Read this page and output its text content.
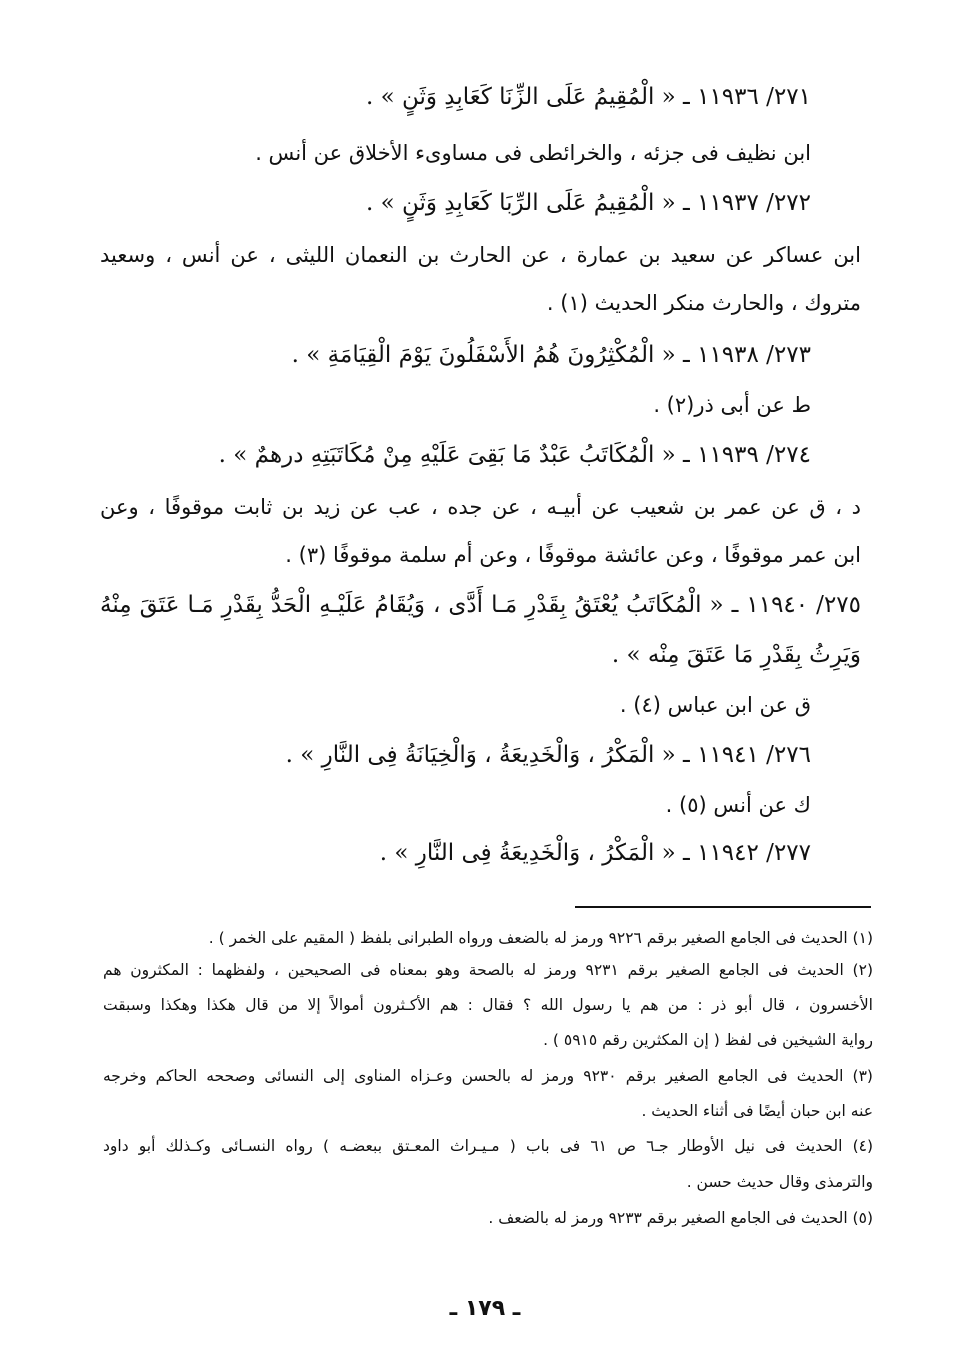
٢٧١/ ١١٩٣٦ ـ « الْمُقِيمُ عَلَى الزِّنَا كَعَابِدِ وَثَنٍ » .
ابن نظيف فى جزئه ، والخرائطى فى مساوىء الأخلاق عن أنس .
٢٧٢/ ١١٩٣٧ ـ « الْمُقِيمُ عَلَى الرِّبَا كَعَابِدِ وَثَنٍ » .
ابن عساكر عن سعيد بن عمارة ، عن الحارث بن النعمان الليثى ، عن أنس ، وسعيد
متروك ، والحارث منكر الحديث (١) .
٢٧٣/ ١١٩٣٨ ـ « الْمُكْثِرُونَ هُمُ الأَسْفَلُونَ يَوْمَ الْقِيَامَةِ » .
ط عن أبى ذر(٢) .
٢٧٤/ ١١٩٣٩ ـ « الْمُكَاتَبُ عَبْدٌ مَا بَقِىَ عَلَيْهِ مِنْ مُكَاتَبَتِهِ درهمٌ » .
د ، ق عن عمر بن شعيب عن أبيـه ، عن جده ، عب عن زيد بن ثابت موقوفًا ، وعن
ابن عمر موقوفًا ، وعن عائشة موقوفًا ، وعن أم سلمة موقوفًا (٣) .
٢٧٥/ ١١٩٤٠ ـ « الْمُكَاتَبُ يُعْتَقُ بِقَدْرِ مَـا أَدَّى ، وَيُقَامُ عَلَيْـهِ الْحَدُّ بِقَدْرِ مَـا عَتَقَ مِنْهُ
وَيَرِثُ بِقَدْرِ مَا عَتَقَ مِنْه » .
ق عن ابن عباس (٤) .
٢٧٦/ ١١٩٤١ ـ « الْمَكْرُ ، وَالْخَدِيعَةُ ، وَالْخِيَانَةُ فِى النَّارِ » .
ك عن أنس (٥) .
٢٧٧/ ١١٩٤٢ ـ « الْمَكْرُ ، وَالْخَدِيعَةُ فِى النَّارِ » .
(١) الحديث فى الجامع الصغير برقم ٩٢٢٦ ورمز له بالضعف ورواه الطبرانى بلفظ ( المقيم على الخمر ) .
(٢) الحديث فى الجامع الصغير برقم ٩٢٣١ ورمز له بالصحة وهو بمعناه فى الصحيحين ، ولفظهما : المكثرون هم
الأخسرون ، قال أبو ذر : من هم يا رسول الله ؟ فقال : هم الأكـثرون أموالاً إلا من قال هكذا وهكذا وسبقت
رواية الشيخين فى لفظ ( إن المكثرين رقم ٥٩١٥ ) .
(٣) الحديث فى الجامع الصغير برقم ٩٢٣٠ ورمز له بالحسن وعـزاه المناوى إلى النسائى وصححه الحاكم وخرجه
عنه ابن حبان أيضًا فى أثناء الحديث .
(٤) الحديث فى نيل الأوطار جـ٦ ص ٦١ فى باب ( مـيـراث المعـتق ببعضـه ) رواه النسـائى وكـذلك أبو داود
والترمذى وقال حديث حسن .
(٥) الحديث فى الجامع الصغير برقم ٩٢٣٣ ورمز له بالضعف .
ـ ١٧٩ ـ
